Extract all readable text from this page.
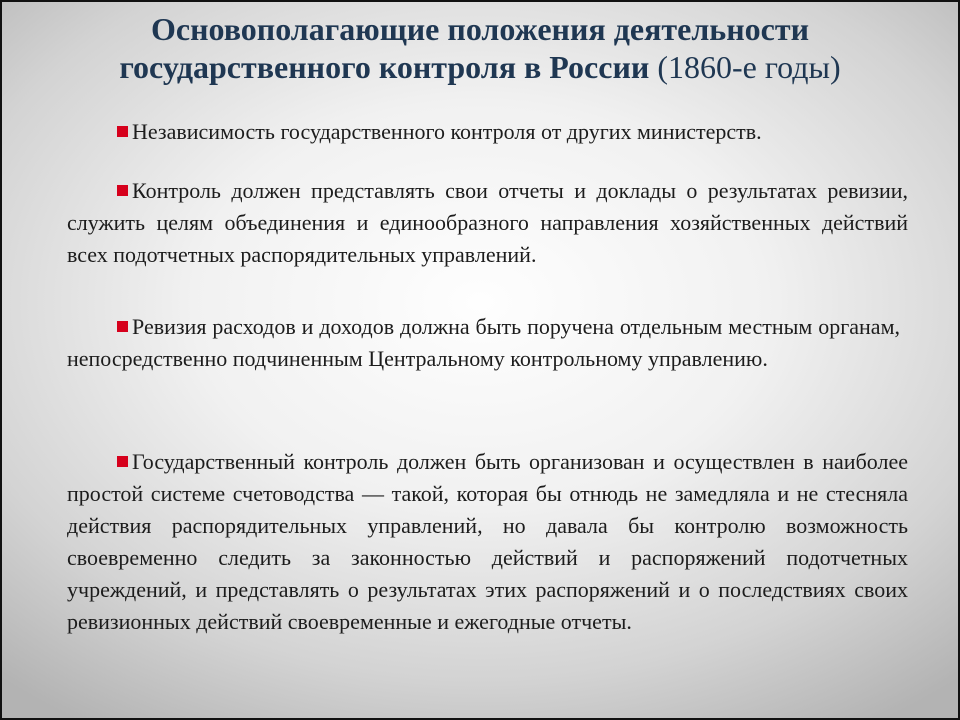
Основополагающие положения деятельности
государственного контроля в России (1860-е годы)

Независимость государственного контроля от других министерств.

Контроль должен представлять свои отчеты и доклады о результатах ревизии, служить целям объединения и единообразного направления хозяйственных действий всех подотчетных распорядительных управлений.

Ревизия расходов и доходов должна быть поручена отдельным местным органам, непосредственно подчиненным Центральному контрольному управлению.

Государственный контроль должен быть организован и осуществлен в наиболее простой системе счетоводства — такой, которая бы отнюдь не замедляла и не стесняла действия распорядительных управлений, но давала бы контролю возможность своевременно следить за законностью действий и распоряжений подотчетных учреждений, и представлять о результатах этих распоряжений и о последствиях своих ревизионных действий своевременные и ежегодные отчеты.
